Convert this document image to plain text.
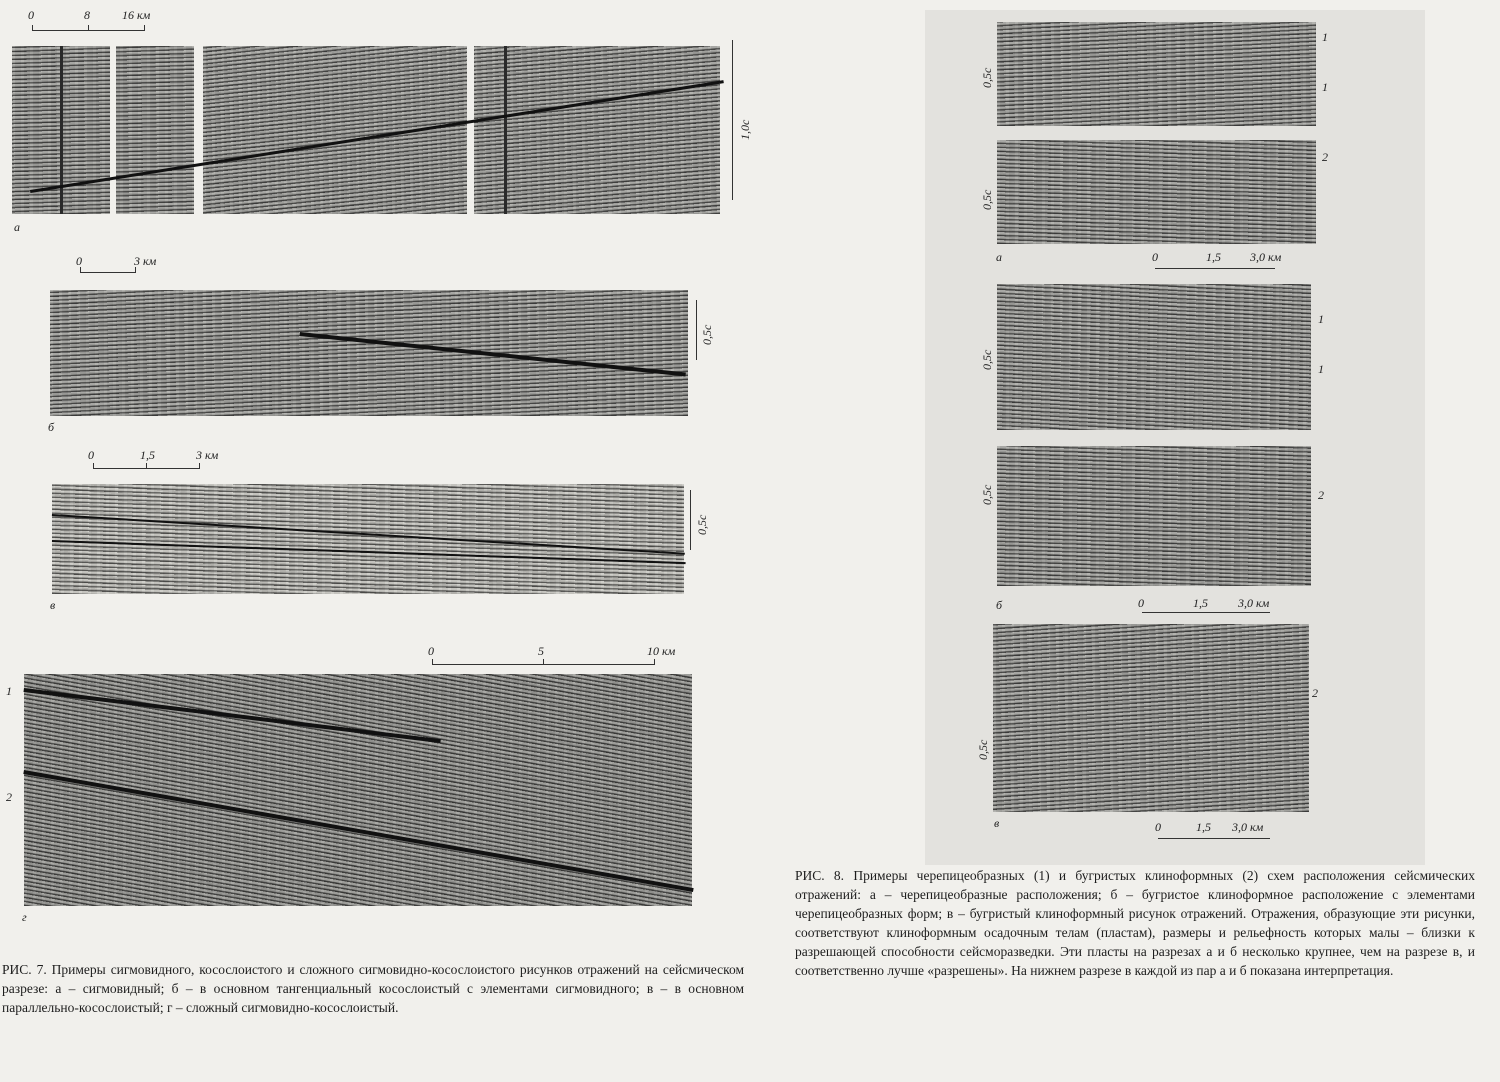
0	8	16 км
1,0с
а
0	3 км
0,5с
б
0	1,5	3 км
0,5с
в
0	5	10 км
1
2
г
РИС. 7. Примеры сигмовидного, косослоистого и сложного сигмовидно-косослоистого рисунков отражений на сейсмическом разрезе: а – сигмовидный; б – в основном тангенциальный косослоистый с элементами сигмовидного; в – в основном параллельно-косослоистый; г – сложный сигмовидно-косослоистый.
0,5с
0,5с
1
1
2
а	0	1,5 3,0 км
0,5с
0,5с
1
1
2
б	0	1,5	3,0 км
0,5с
2
в	0	1,5 3,0 км
РИС. 8. Примеры черепицеобразных (1) и бугристых клиноформных (2) схем расположения сейсмических отражений: а – черепицеобразные расположения; б – бугристое клиноформное расположение с элементами черепицеобразных форм; в – бугристый клиноформный рисунок отражений. Отражения, образующие эти рисунки, соответствуют клиноформным осадочным телам (пластам), размеры и рельефность которых малы – близки к разрешающей способности сейсморазведки. Эти пласты на разрезах а и б несколько крупнее, чем на разрезе в, и соответственно лучше «разрешены». На нижнем разрезе в каждой из пар а и б показана интерпретация.
